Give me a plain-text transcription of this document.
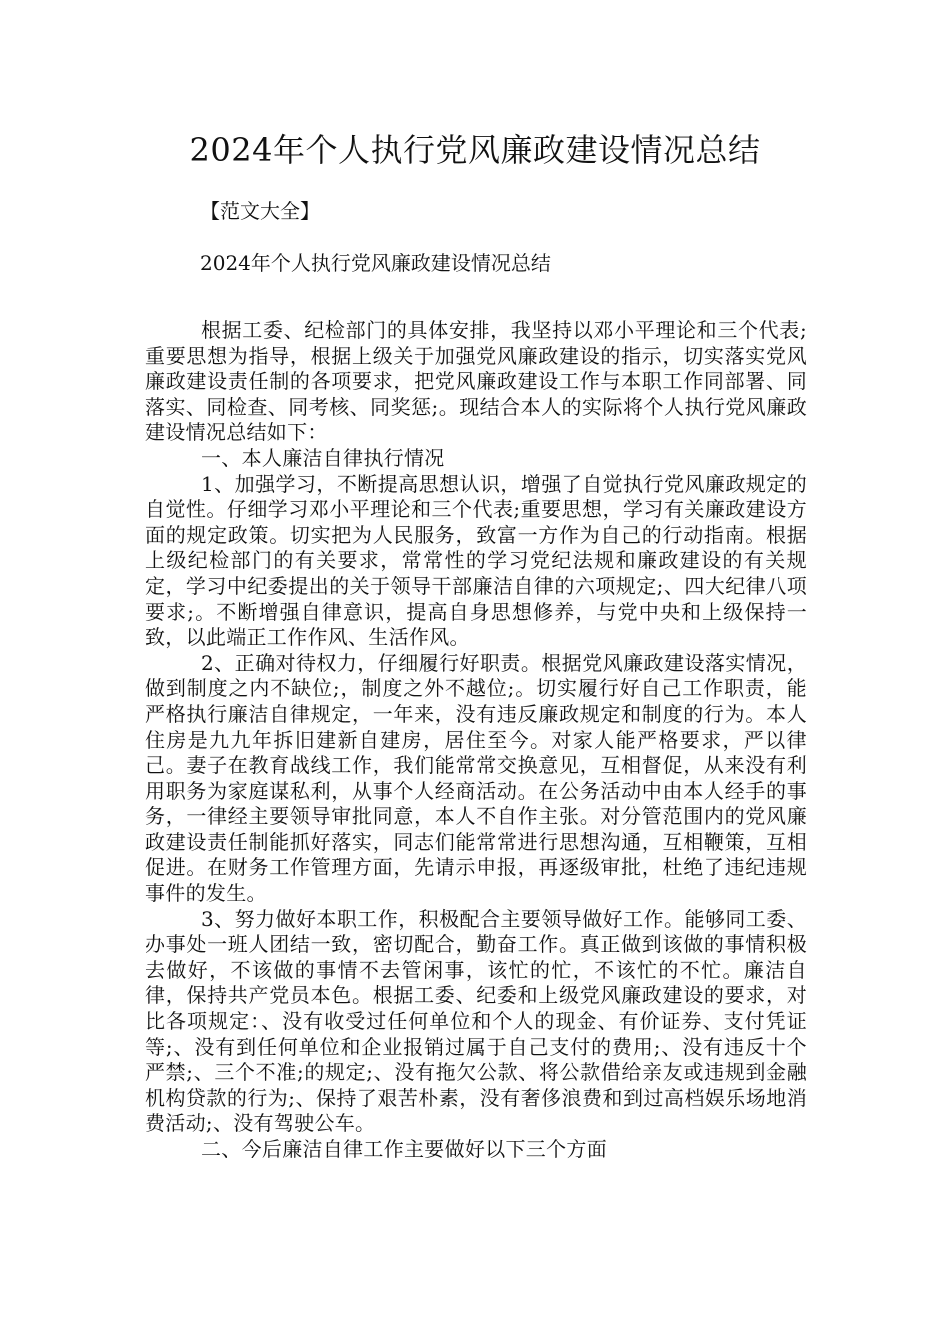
2024年个人执行党风廉政建设情况总结
【范文大全】
2024年个人执行党风廉政建设情况总结

根据工委、纪检部门的具体安排，我坚持以邓小平理论和三个代表;重要思想为指导，根据上级关于加强党风廉政建设的指示，切实落实党风廉政建设责任制的各项要求，把党风廉政建设工作与本职工作同部署、同落实、同检查、同考核、同奖惩;。现结合本人的实际将个人执行党风廉政建设情况总结如下：

一、本人廉洁自律执行情况

1、加强学习，不断提高思想认识，增强了自觉执行党风廉政规定的自觉性。仔细学习邓小平理论和三个代表;重要思想，学习有关廉政建设方面的规定政策。切实把为人民服务，致富一方作为自己的行动指南。根据上级纪检部门的有关要求，常常性的学习党纪法规和廉政建设的有关规定，学习中纪委提出的关于领导干部廉洁自律的六项规定;、四大纪律八项要求;。不断增强自律意识，提高自身思想修养，与党中央和上级保持一致，以此端正工作作风、生活作风。

2、正确对待权力，仔细履行好职责。根据党风廉政建设落实情况，做到制度之内不缺位;，制度之外不越位;。切实履行好自己工作职责，能严格执行廉洁自律规定，一年来，没有违反廉政规定和制度的行为。本人住房是九九年拆旧建新自建房，居住至今。对家人能严格要求，严以律己。妻子在教育战线工作，我们能常常交换意见，互相督促，从来没有利用职务为家庭谋私利，从事个人经商活动。在公务活动中由本人经手的事务，一律经主要领导审批同意，本人不自作主张。对分管范围内的党风廉政建设责任制能抓好落实，同志们能常常进行思想沟通，互相鞭策，互相促进。在财务工作管理方面，先请示申报，再逐级审批，杜绝了违纪违规事件的发生。

3、努力做好本职工作，积极配合主要领导做好工作。能够同工委、办事处一班人团结一致，密切配合，勤奋工作。真正做到该做的事情积极去做好，不该做的事情不去管闲事，该忙的忙，不该忙的不忙。廉洁自律，保持共产党员本色。根据工委、纪委和上级党风廉政建设的要求，对比各项规定：、没有收受过任何单位和个人的现金、有价证券、支付凭证等;、没有到任何单位和企业报销过属于自己支付的费用;、没有违反十个严禁;、三个不准;的规定;、没有拖欠公款、将公款借给亲友或违规到金融机构贷款的行为;、保持了艰苦朴素，没有奢侈浪费和到过高档娱乐场地消费活动;、没有驾驶公车。

二、今后廉洁自律工作主要做好以下三个方面
